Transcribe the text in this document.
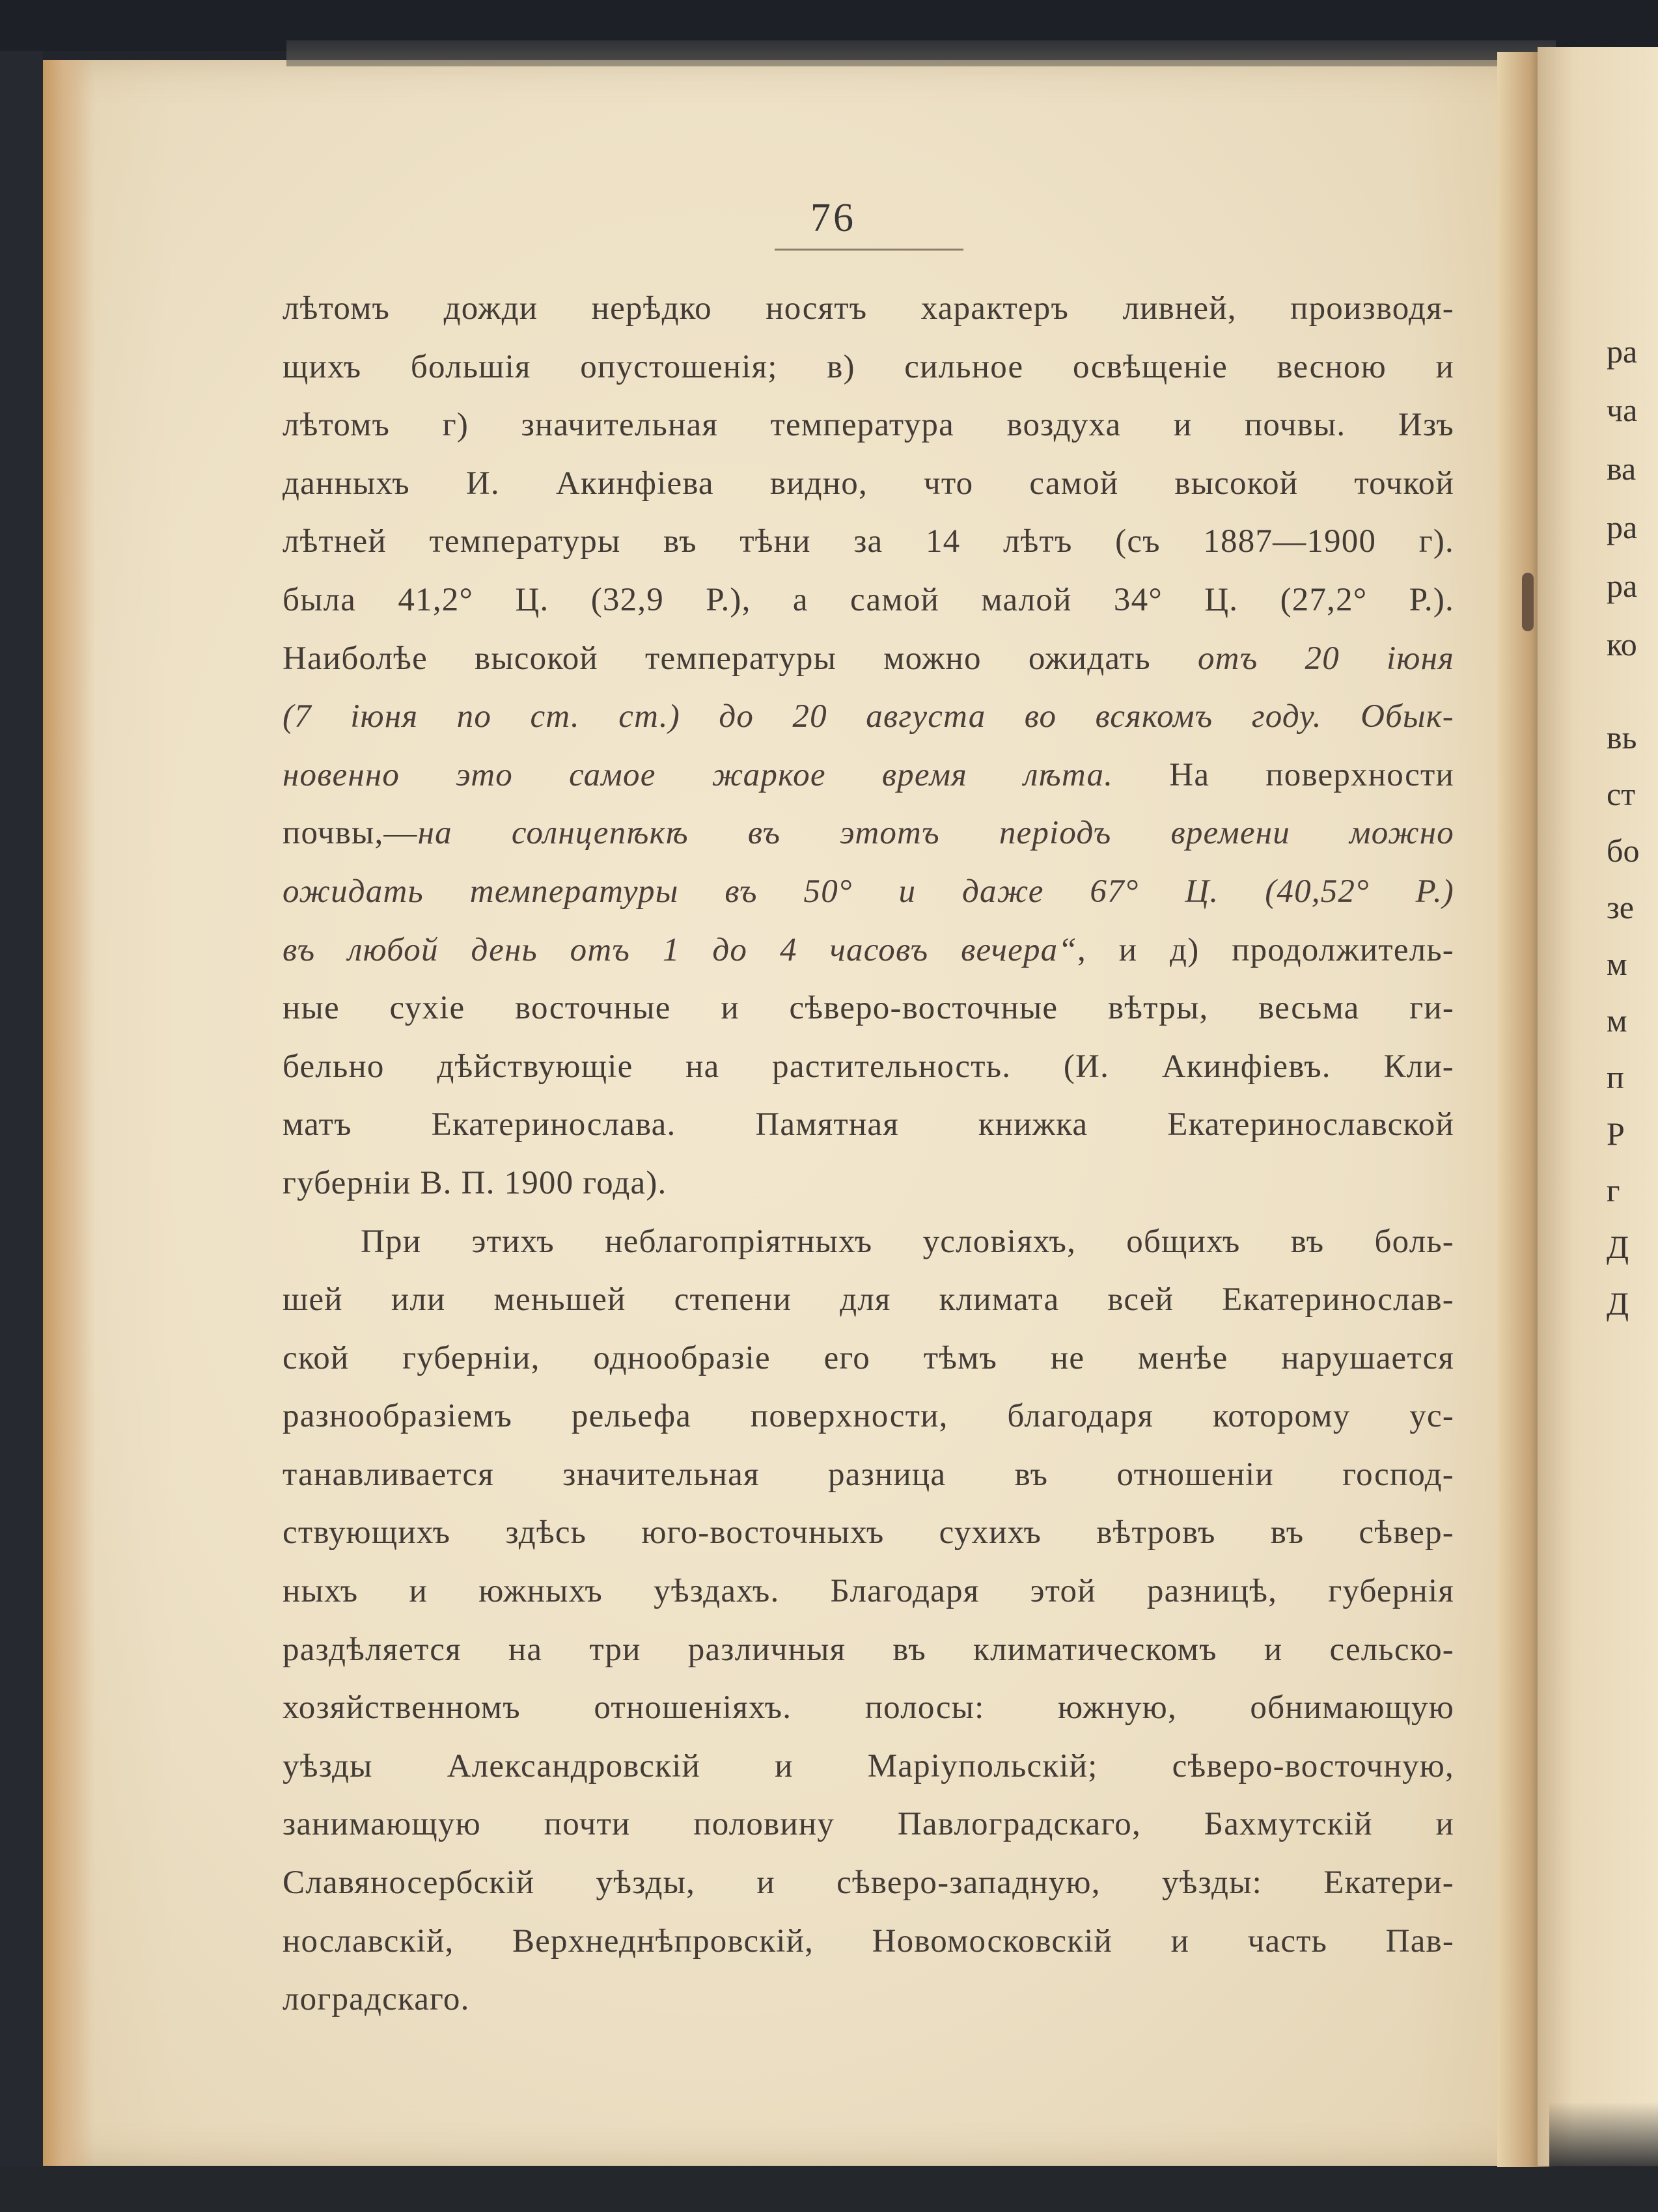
76
лѣтомъ дожди нерѣдко носятъ характеръ ливней, производя-
щихъ большія опустошенія; в) сильное освѣщеніе весною и
лѣтомъ г) значительная температура воздуха и почвы. Изъ
данныхъ И. Акинфіева видно, что самой высокой точкой
лѣтней температуры въ тѣни за 14 лѣтъ (съ 1887—1900 г).
была 41,2° Ц. (32,9 Р.), а самой малой 34° Ц. (27,2° Р.).
Наиболѣе высокой температуры можно ожидать отъ 20 іюня
(7 іюня по ст. ст.) до 20 августа во всякомъ году. Обык-
новенно это самое жаркое время лѣта. На поверхности
почвы,—на солнцепѣкѣ въ этотъ періодъ времени можно
ожидать температуры въ 50° и даже 67° Ц. (40,52° Р.)
въ любой день отъ 1 до 4 часовъ вечера“, и д) продолжитель-
ные сухіе восточные и сѣверо-восточные вѣтры, весьма ги-
бельно дѣйствующіе на растительность. (И. Акинфіевъ. Кли-
матъ Екатеринослава. Памятная книжка Екатеринославской
губерніи В. П. 1900 года).
При этихъ неблагопріятныхъ условіяхъ, общихъ въ боль-
шей или меньшей степени для климата всей Екатеринослав-
ской губерніи, однообразіе его тѣмъ не менѣе нарушается
разнообразіемъ рельефа поверхности, благодаря которому ус-
танавливается значительная разница въ отношеніи господ-
ствующихъ здѣсь юго-восточныхъ сухихъ вѣтровъ въ сѣвер-
ныхъ и южныхъ уѣздахъ. Благодаря этой разницѣ, губернія
раздѣляется на три различныя въ климатическомъ и сельско-
хозяйственномъ отношеніяхъ. полосы: южную, обнимающую
уѣзды Александровскій и Маріупольскій; сѣверо-восточную,
занимающую почти половину Павлоградскаго, Бахмутскій и
Славяносербскій уѣзды, и сѣверо-западную, уѣзды: Екатери-
нославскій, Верхнеднѣпровскій, Новомосковскій и часть Пав-
лоградскаго.
ра
ча
ва
ра
ра
ко
вь
ст
бо
зе
м
м
п
Р
г
Д
Д
